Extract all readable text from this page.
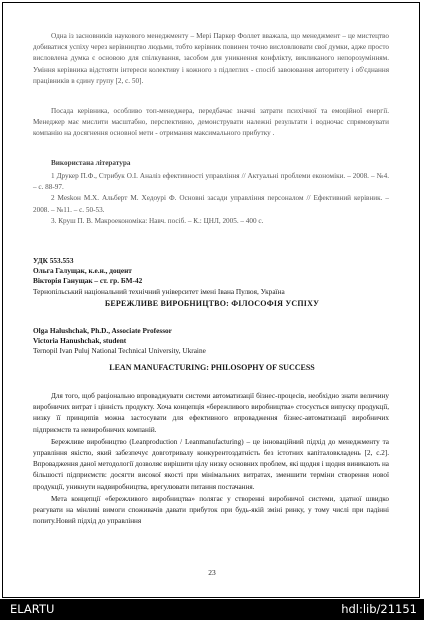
Одна із засновників наукового менеджменту – Мері Паркер Фоллет вважала, що менеджмент – це мистецтво добиватися успіху через керівництво людьми, тобто керівник повинен точно висловлювати свої думки, адже просто висловлена думка є основою для спілкування, засобом для уникнення конфлікту, викликаного непорозумінням. Уміння керівника відстояти інтереси колективу і кожного з підлеглих - спосіб завоювання авторитету і об'єднання працівників в єдину групу [2, с. 50].
Посада керівника, особливо топ-менеджера, передбачає значні затрати психічної та емоційної енергії. Менеджер має мислити масштабно, перспективно, демонструвати належні результати і водночас спрямовувати компанію на досягнення основної мети - отримання максимального прибутку .
Використана література

1 Друкер П.Ф., Стрибук О.І. Аналіз ефективності управління // Актуальні проблеми економіки. – 2008. – №4. – с. 88-97.

2 Меskон М.Х. Альберт М. Хедоурі Ф. Основні засади управління персоналом // Ефективний керівник. – 2008. – №11. – с. 50-53.

3. Круш П. В. Макроекономіка: Навч. посіб. – К.: ЦНЛ, 2005. – 400 с.

УДК 553.553
Ольга Галущак, к.е.н., доцент
Вікторія Ганущак – ст. гр. БМ-42
Тернопільський національний технічний університет імені Івана Пулюя, Україна
БЕРЕЖЛИВЕ ВИРОБНИЦТВО: ФІЛОСОФІЯ УСПІХУ
Olga Halushchak, Ph.D., Associate Professor
Victoria Hanushchak, student
Ternopil Ivan Puluj National Technical University, Ukraine
LEAN MANUFACTURING: PHILOSOPHY OF SUCCESS

Для того, щоб раціонально впроваджувати системи автоматизації бізнес-процесів, необхідно знати величину виробничих витрат і цінність продукту. Хоча концепція «бережливого виробництва» стосується випуску продукції, низку її принципів можна застосувати для ефективного впровадження бізнес-автоматизації виробничих підприємств та невиробничих компаній.

Бережливе виробництво (Leanproduction / Leanmanufacturing) – це інноваційний підхід до менеджменту та управління якістю, який забезпечує довготривалу конкурентоздатність без істотних капіталовкладень [2, с.2]. Впровадження даної методології дозволяє вирішити цілу низку основних проблем, які щодня і щодня виникають на більшості підприємств: досягти високої якості при мінімальних витратах, зменшити терміни створення нової продукції, уникнути надвиробництва, врегулювати питання постачання.

Мета концепції «бережливого виробництва» полягає у створенні виробничої системи, здатної швидко реагувати на мінливі вимоги споживачів давати прибуток при будь-якій зміні ринку, у тому числі при падінні попиту.Новий підхід до управління

23
ELARTU	hdl:lib/21151
